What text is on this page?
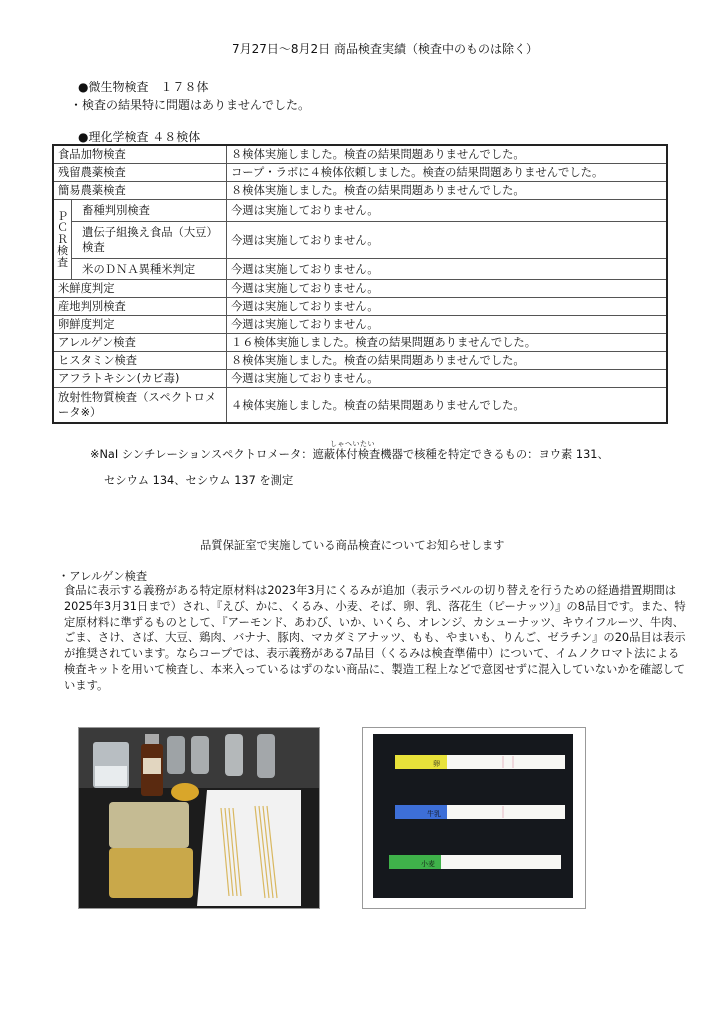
7月27日～8月2日 商品検査実績（検査中のものは除く）
●微生物検査　１７８体
・検査の結果特に問題はありませんでした。
●理化学検査 ４８検体
食品加物検査		８検体実施しました。検査の結果問題ありませんでした。
残留農薬検査		コープ・ラボに４検体依頼しました。検査の結果問題ありませんでした。
簡易農薬検査		８検体実施しました。検査の結果問題ありませんでした。
ＰＣＲ検査	畜種判別検査	今週は実施しておりません。
	遺伝子組換え食品（大豆）検査	今週は実施しておりません。
	米のＤＮＡ異種米判定	今週は実施しておりません。
米鮮度判定		今週は実施しておりません。
産地判別検査		今週は実施しておりません。
卵鮮度判定		今週は実施しておりません。
アレルゲン検査		１６検体実施しました。検査の結果問題ありませんでした。
ヒスタミン検査		８検体実施しました。検査の結果問題ありませんでした。
アフラトキシン(カビ毒)		今週は実施しておりません。
放射性物質検査（スペクトロメータ※）		４検体実施しました。検査の結果問題ありませんでした。
しゃへいたい
※NaI シンチレーションスペクトロメータ：遮蔽体付検査機器で核種を特定できるもの：ヨウ素 131、
セシウム 134、セシウム 137 を測定
品質保証室で実施している商品検査についてお知らせします
・アレルゲン検査
食品に表示する義務がある特定原材料は2023年3月にくるみが追加（表示ラベルの切り替えを行うための経過措置期間は2025年3月31日まで）され、『えび、かに、くるみ、小麦、そば、卵、乳、落花生（ピーナッツ）』の8品目です。また、特定原材料に準ずるものとして、『アーモンド、あわび、いか、いくら、オレンジ、カシューナッツ、キウイフルーツ、牛肉、ごま、さけ、さば、大豆、鶏肉、バナナ、豚肉、マカダミアナッツ、もも、やまいも、りんご、ゼラチン』の20品目は表示が推奨されています。ならコープでは、表示義務がある7品目（くるみは検査準備中）について、イムノクロマト法による検査キットを用いて検査し、本来入っているはずのない商品に、製造工程上などで意図せずに混入していないかを確認しています。
卵
牛乳
小麦
